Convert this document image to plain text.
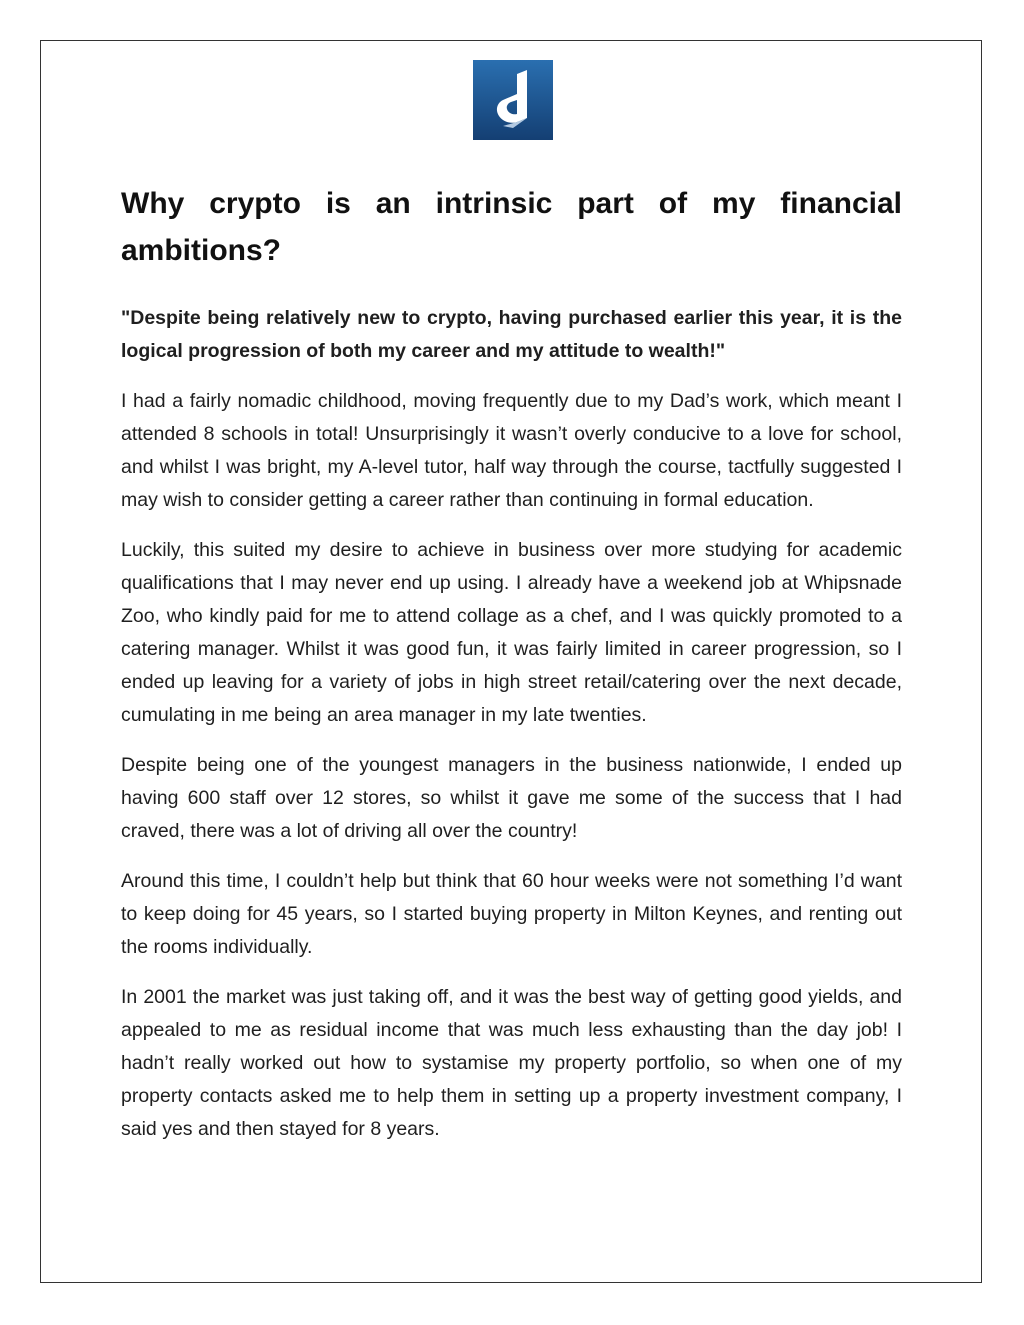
Why crypto is an intrinsic part of my financial ambitions?

"Despite being relatively new to crypto, having purchased earlier this year, it is the logical progression of both my career and my attitude to wealth!"

I had a fairly nomadic childhood, moving frequently due to my Dad’s work, which meant I attended 8 schools in total! Unsurprisingly it wasn’t overly conducive to a love for school, and whilst I was bright, my A-level tutor, half way through the course, tactfully suggested I may wish to consider getting a career rather than continuing in formal education.

Luckily, this suited my desire to achieve in business over more studying for academic qualifications that I may never end up using. I already have a weekend job at Whipsnade Zoo, who kindly paid for me to attend collage as a chef, and I was quickly promoted to a catering manager. Whilst it was good fun, it was fairly limited in career progression, so I ended up leaving for a variety of jobs in high street retail/catering over the next decade, cumulating in me being an area manager in my late twenties.

Despite being one of the youngest managers in the business nationwide, I ended up having 600 staff over 12 stores, so whilst it gave me some of the success that I had craved, there was a lot of driving all over the country!

Around this time, I couldn’t help but think that 60 hour weeks were not something I’d want to keep doing for 45 years, so I started buying property in Milton Keynes, and renting out the rooms individually.

In 2001 the market was just taking off, and it was the best way of getting good yields, and appealed to me as residual income that was much less exhausting than the day job! I hadn’t really worked out how to systamise my property portfolio, so when one of my property contacts asked me to help them in setting up a property investment company, I said yes and then stayed for 8 years.
